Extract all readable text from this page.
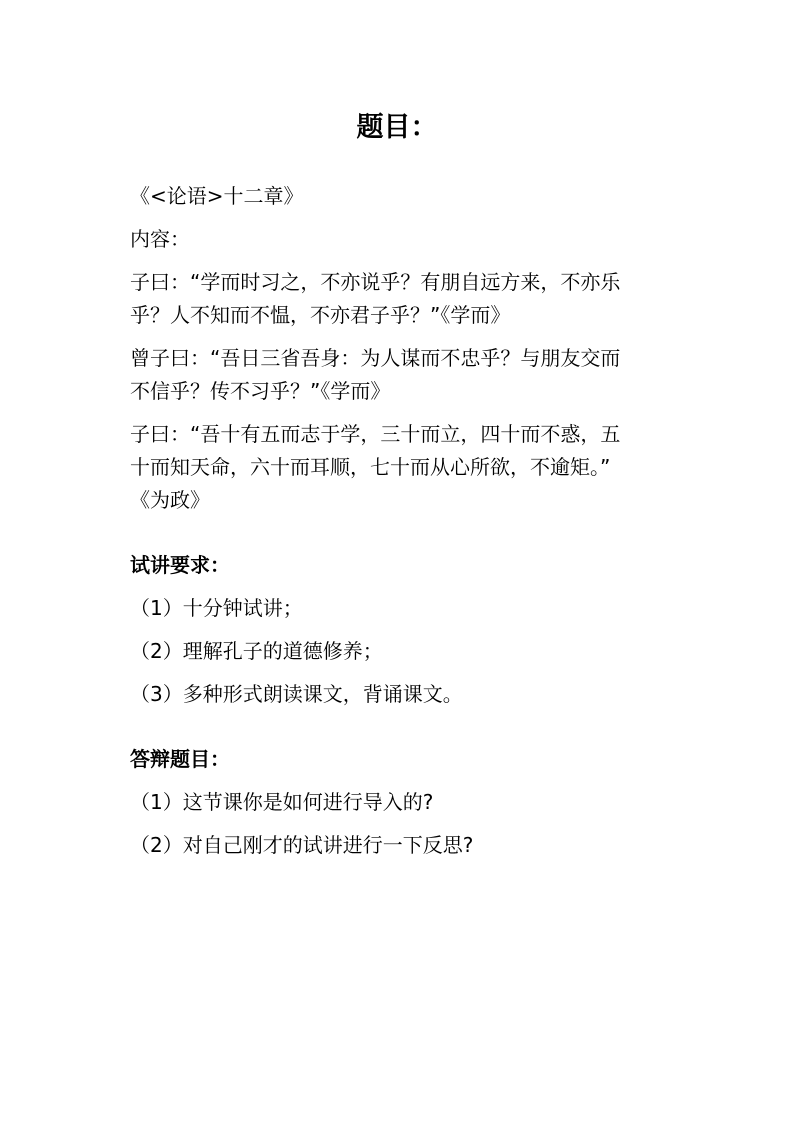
题目：

《<论语>十二章》

内容：

子曰：“学而时习之，不亦说乎？有朋自远方来，不亦乐
乎？人不知而不愠，不亦君子乎？”《学而》
曾子曰：“吾日三省吾身：为人谋而不忠乎？与朋友交而
不信乎？传不习乎？”《学而》
子曰：“吾十有五而志于学，三十而立，四十而不惑，五
十而知天命，六十而耳顺，七十而从心所欲，不逾矩。”
《为政》

试讲要求：

（1）十分钟试讲；

（2）理解孔子的道德修养；

（3）多种形式朗读课文，背诵课文。

答辩题目：

（1）这节课你是如何进行导入的?

（2）对自己刚才的试讲进行一下反思?
